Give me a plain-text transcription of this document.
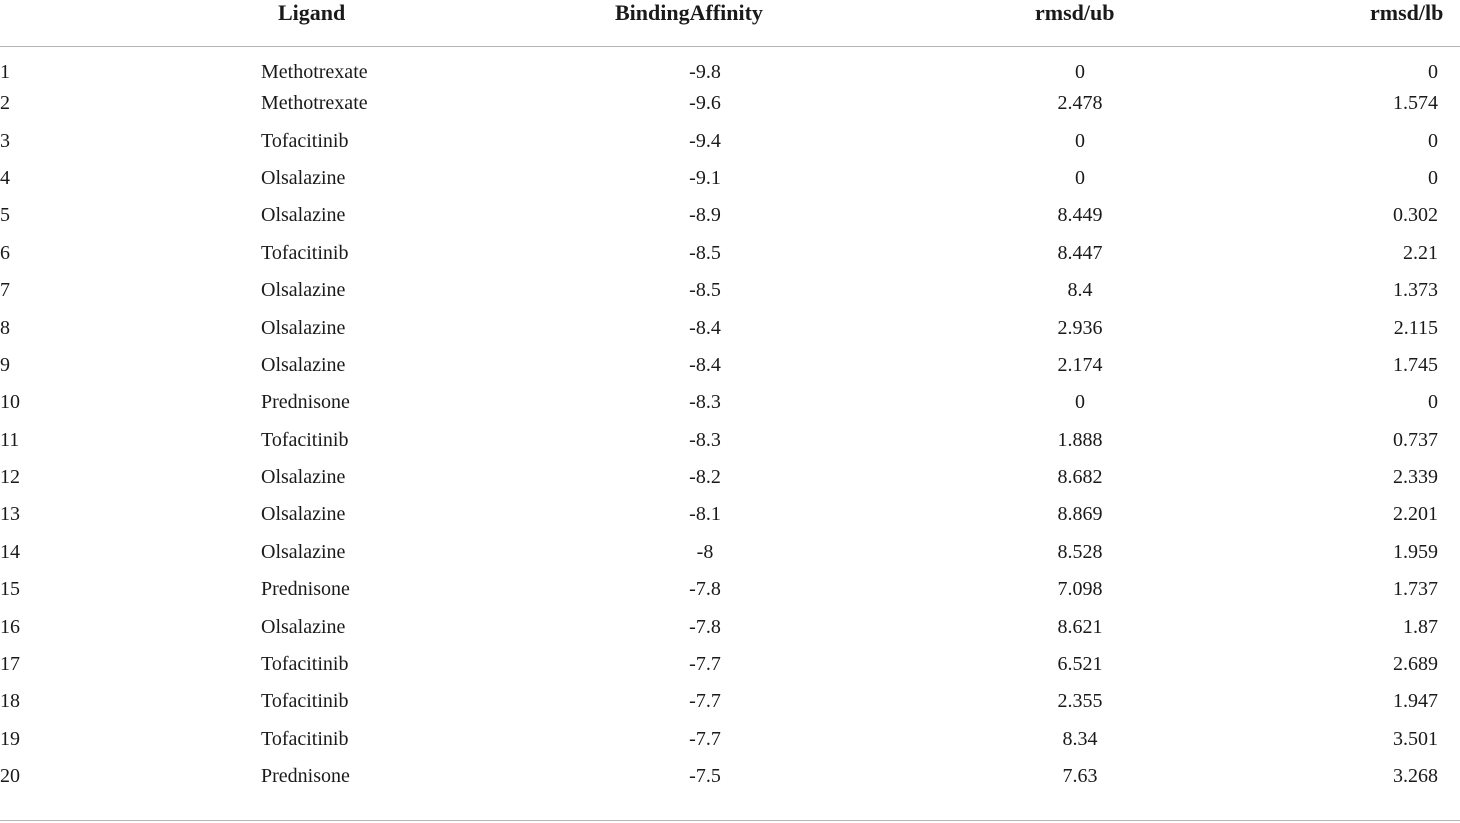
	Ligand	BindingAffinity	rmsd/ub	rmsd/lb
1	Methotrexate	-9.8	0	0
2	Methotrexate	-9.6	2.478	1.574
3	Tofacitinib	-9.4	0	0
4	Olsalazine	-9.1	0	0
5	Olsalazine	-8.9	8.449	0.302
6	Tofacitinib	-8.5	8.447	2.21
7	Olsalazine	-8.5	8.4	1.373
8	Olsalazine	-8.4	2.936	2.115
9	Olsalazine	-8.4	2.174	1.745
10	Prednisone	-8.3	0	0
11	Tofacitinib	-8.3	1.888	0.737
12	Olsalazine	-8.2	8.682	2.339
13	Olsalazine	-8.1	8.869	2.201
14	Olsalazine	-8	8.528	1.959
15	Prednisone	-7.8	7.098	1.737
16	Olsalazine	-7.8	8.621	1.87
17	Tofacitinib	-7.7	6.521	2.689
18	Tofacitinib	-7.7	2.355	1.947
19	Tofacitinib	-7.7	8.34	3.501
20	Prednisone	-7.5	7.63	3.268
